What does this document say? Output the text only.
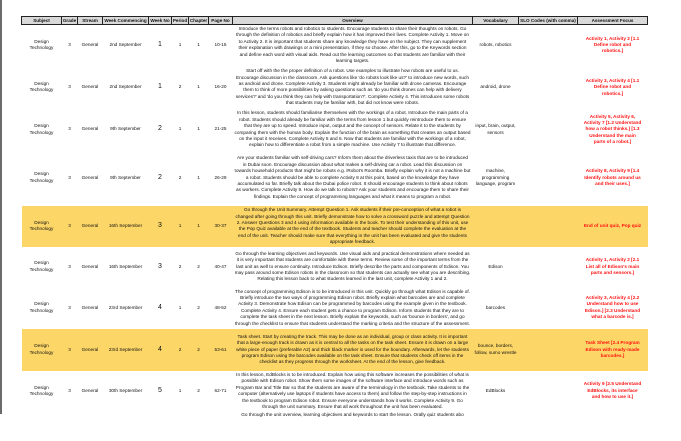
Subject	Grade	Stream	Week Commencing	Week No	Period	Chapter	Page No	Overview	Vocabulary	SLO Codes (with comma)	Assessment Focus
Design Technology	3	General	2nd September	1	1	1	10-15	Introduce the terms robots and robotics to students. Encourage students to share their thoughts on robots. Go through the definition of robotics and briefly explain how it has improved their lives. Complete Activity 1. Move on to Activity 2. It is important that students share any knowledge they have on the subject. They can supplement their explanation with drawings or a mini presentation, if they so choose. After this, go to the Keywords section and define each word with visual aids. Read out the learning outcomes so that students are familiar with their learning targets.	robots, robotics		Activity 1, Activity 2 [1.1 Define robot and robotics.]
Design Technology	3	General	2nd September	1	2	1	16-20	Start off with the the proper definition of a robot. Use examples to illustrate how robots are useful to us. Encourage discussion in the classroom. Ask questions like 'do robots look like us?' to introduce new words, such as android and drone. Complete Activity 3. Students might already be familiar with drone cameras. Encourage them to think of more possibilities by asking questions such as 'do you think drones can help with delivery services?' and 'do you think they can help with transportation?'. Complete Activity 4. This introduces some robots that students may be familiar with, but did not know were robots.	android, drone		Activity 3, Activity 4 [1.1 Define robot and robotics.]
Design Technology	3	General	9th September	2	1	1	21-25	In this lesson, students should familiarise themselves with the workings of a robot. Introduce the main parts of a robot. Students should already be familiar with the terms from lesson 1 but quickly reintroduce them to ensure that they are up to speed. Introduce input, output and the concept of sensors. Relate it to the students by comparing them with the human body. Explain the function of the brain as something that creates an output based on the input it receives. Complete Activity 5 and 6. Now that students are familiar with the workings of a robot, explain how to differentiate a robot from a simple machine. Use Activity 7 to illustrate that difference.	input, brain, output, sensors		Activity 5, Activity 6, Activity 7 [1.2 Understand how a robot thinks.] [1.3 Understand the main parts of a robot.]
Design Technology	3	General	9th September	2	2	1	26-29	Are your students familiar with self-driving cars? Inform them about the driverless taxis that are to be introduced in Dubai soon. Encourage discussion about what makes a self-driving car a robot. Lead this discussion on towards household products that might be robots e.g. iRobot's Roomba. Briefly explain why it is not a machine but a robot. Students should be able to complete Activity 8 at this point, based on the knowledge they have accumulated so far. Briefly talk about the Dubai police robot. It should encourage students to think about robots as workers. Complete Activity 9. How do we talk to robots? Ask your students and encourage them to share their findings. Explain the concept of programming languages and what it means to program a robot.	machine, programming language, program		Activity 8, Activity 9 [1.4 Identify robots around us and their uses.]
Design Technology	3	General	16th September	3	1	1	30-37	Go through the Unit Summary. Attempt Question 1. Ask students if their pre-conception of what a robot is changed after going through this unit. Briefly demonstrate how to solve a crossword puzzle and attempt Question 2. Answer Questions 3 and 4 using information available in the book. To test their understanding of this unit, use the Pop Quiz available at the end of the textbook. Students and teacher should complete the evaluation at the end of the unit. Teacher should make sure that everything in the unit has been evaluated and give the students appropriate feedback.			End of unit quiz, Pop quiz
Design Technology	3	General	16th September	3	2	2	40-47	Go through the learning objectives and keywords. Use visual aids and practical demonstrations where needed as it is very important that students are comfortable with these terms. Review some of the important terms from the last unit as well to ensure continuity. Introduce Edison. Briefly describe the parts and components of Edison. You may pass around some Edison robots in the classroom so that students can actually see what you are describing. Relating this lesson back to what students learned in the last unit, complete Activity 1 and 2.	Edison		Activity 1, Activity 2 [2.1 List all of Edison's main parts and sensors.]
Design Technology	3	General	23rd September	4	1	2	48-52	The concept of programming Edison is to be introduced in this unit. Quickly go through what Edison is capable of. Briefly introduce the two ways of programming Edison robot. Briefly explain what barcodes are and complete Activity 3. Demonstrate how Edison can be programmed by barcodes using the example given in the textbook. Complete Activity 4. Ensure each student gets a chance to program Edison. Inform students that they are to complete the task sheet in the next lesson. Briefly explain the keywords, such as 'bounce in borders', and go through the checklist to ensure that students understand the marking criteria and the structure of the assessment.	barcodes		Activity 3, Activity 4 [2.2 Understand how to use Edison.] [2.3 Understand what a barcode is.]
Design Technology	3	General	23rd September	4	2	2	53-61	Task sheet. Start by creating the track. This may be done as an individual, group or class activity. It is important that a large-enough track is drawn as it is central to all the tasks on the task sheet. Ensure it is drawn on a large white piece of paper (preferable A2) and thick black marker is used for the boundary. Afterwards, let the students program Edison using the barcodes available on the task sheet. Ensure that students check off items in the checklist as they progress through the worksheet. At the end of the lesson, give feedback.	bounce, borders, follow, sumo wrestle		Task Sheet [2.4 Program Edison with ready-made barcodes.]
Design Technology	3	General	30th September	5	1	2	62-71	In this lesson, EdBlocks is to be introduced. Explain how using this software increases the possibilities of what is possible with Edison robot. Show them some images of the software interface and introduce words such as Program Bar and Title Bar so that the students are aware of the terminology in the textbook. Take students to the computer (alternatively use laptops if students have access to them) and follow the step-by-step instructions in the textbook to program Edison robot. Ensure everyone understands how it works. Complete Activity 9. Go through the unit summary. Ensure that all work throughout the unit has been evaluated.	EdBlocks		Activity 9 [2.5 Understand EdBlocks, its interface and how to use it.]
								Go through the unit overview, learning objectives and keywords to start the lesson. Orally quiz students abo			
